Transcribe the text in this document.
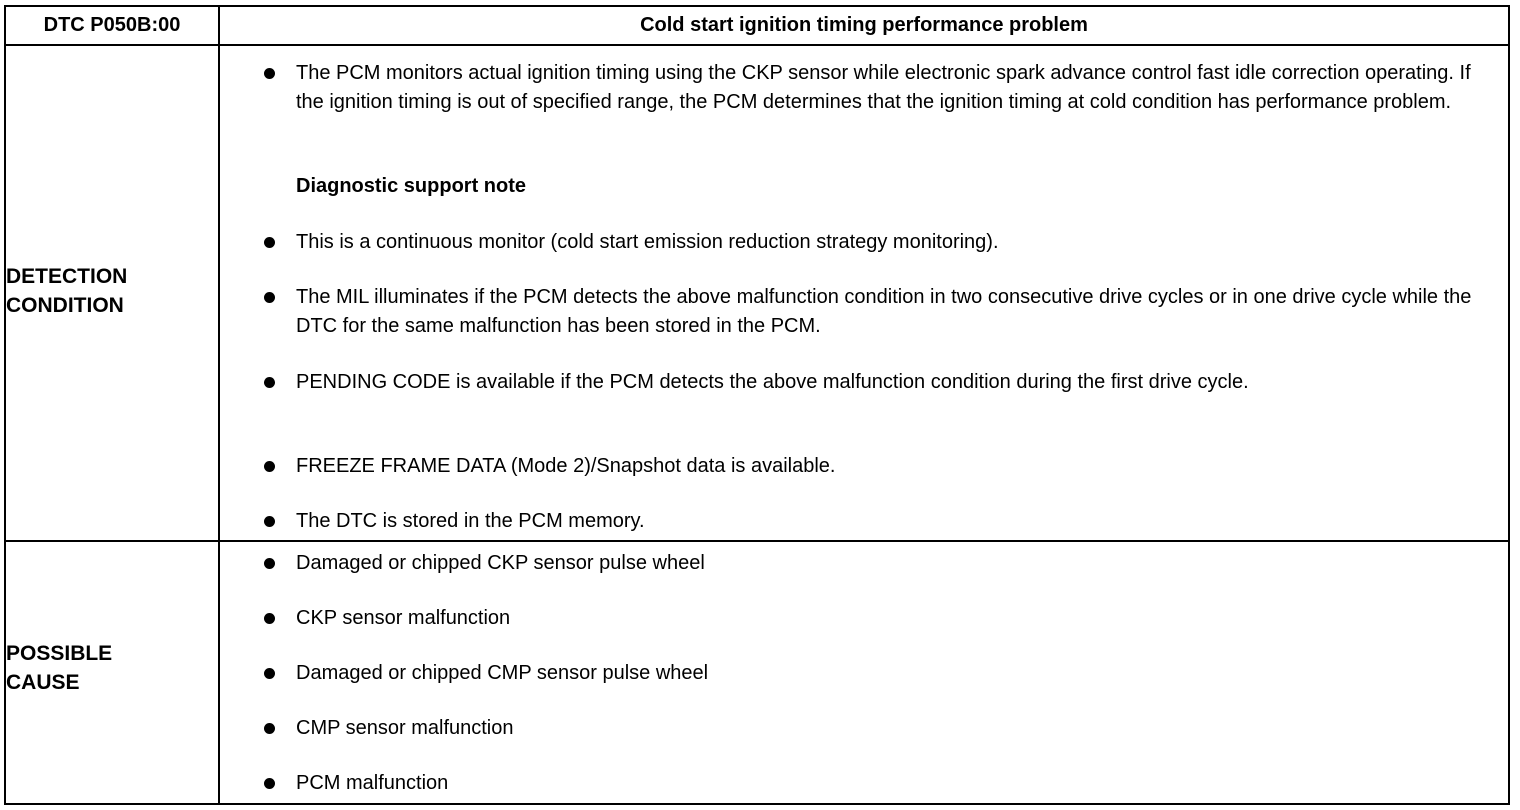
DTC P050B:00	Cold start ignition timing performance problem
DETECTION
CONDITION
The PCM monitors actual ignition timing using the CKP sensor while electronic spark advance control fast idle correction operating. If the ignition timing is out of specified range, the PCM determines that the ignition timing at cold condition has performance problem.
Diagnostic support note
This is a continuous monitor (cold start emission reduction strategy monitoring).
The MIL illuminates if the PCM detects the above malfunction condition in two consecutive drive cycles or in one drive cycle while the DTC for the same malfunction has been stored in the PCM.
PENDING CODE is available if the PCM detects the above malfunction condition during the first drive cycle.
FREEZE FRAME DATA (Mode 2)/Snapshot data is available.
The DTC is stored in the PCM memory.
POSSIBLE
CAUSE
Damaged or chipped CKP sensor pulse wheel
CKP sensor malfunction
Damaged or chipped CMP sensor pulse wheel
CMP sensor malfunction
PCM malfunction
